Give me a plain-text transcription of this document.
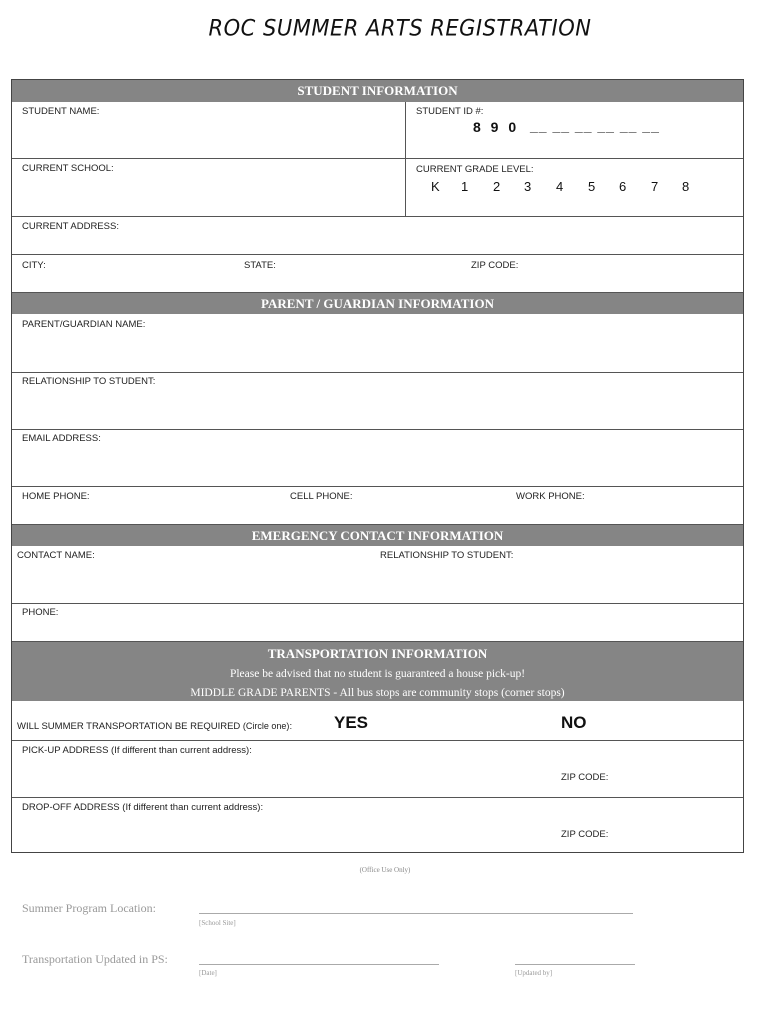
ROC SUMMER ARTS REGISTRATION
STUDENT INFORMATION
STUDENT NAME:	STUDENT ID #:
8 9 0 __ __ __ __ __ __
CURRENT SCHOOL:	CURRENT GRADE LEVEL:
K 1 2 3 4 5 6 7 8
CURRENT ADDRESS:
CITY:	STATE:	ZIP CODE:
PARENT / GUARDIAN INFORMATION
PARENT/GUARDIAN NAME:
RELATIONSHIP TO STUDENT:
EMAIL ADDRESS:
HOME PHONE:	CELL PHONE:	WORK PHONE:
EMERGENCY CONTACT INFORMATION
CONTACT NAME:	RELATIONSHIP TO STUDENT:
PHONE:
TRANSPORTATION INFORMATION
Please be advised that no student is guaranteed a house pick-up!
MIDDLE GRADE PARENTS - All bus stops are community stops (corner stops)
WILL SUMMER TRANSPORTATION BE REQUIRED (Circle one): YES	NO
PICK-UP ADDRESS (If different than current address):
ZIP CODE:
DROP-OFF ADDRESS (If different than current address):
ZIP CODE:
(Office Use Only)
Summer Program Location:
[School Site]
Transportation Updated in PS:
[Date]	[Updated by]
